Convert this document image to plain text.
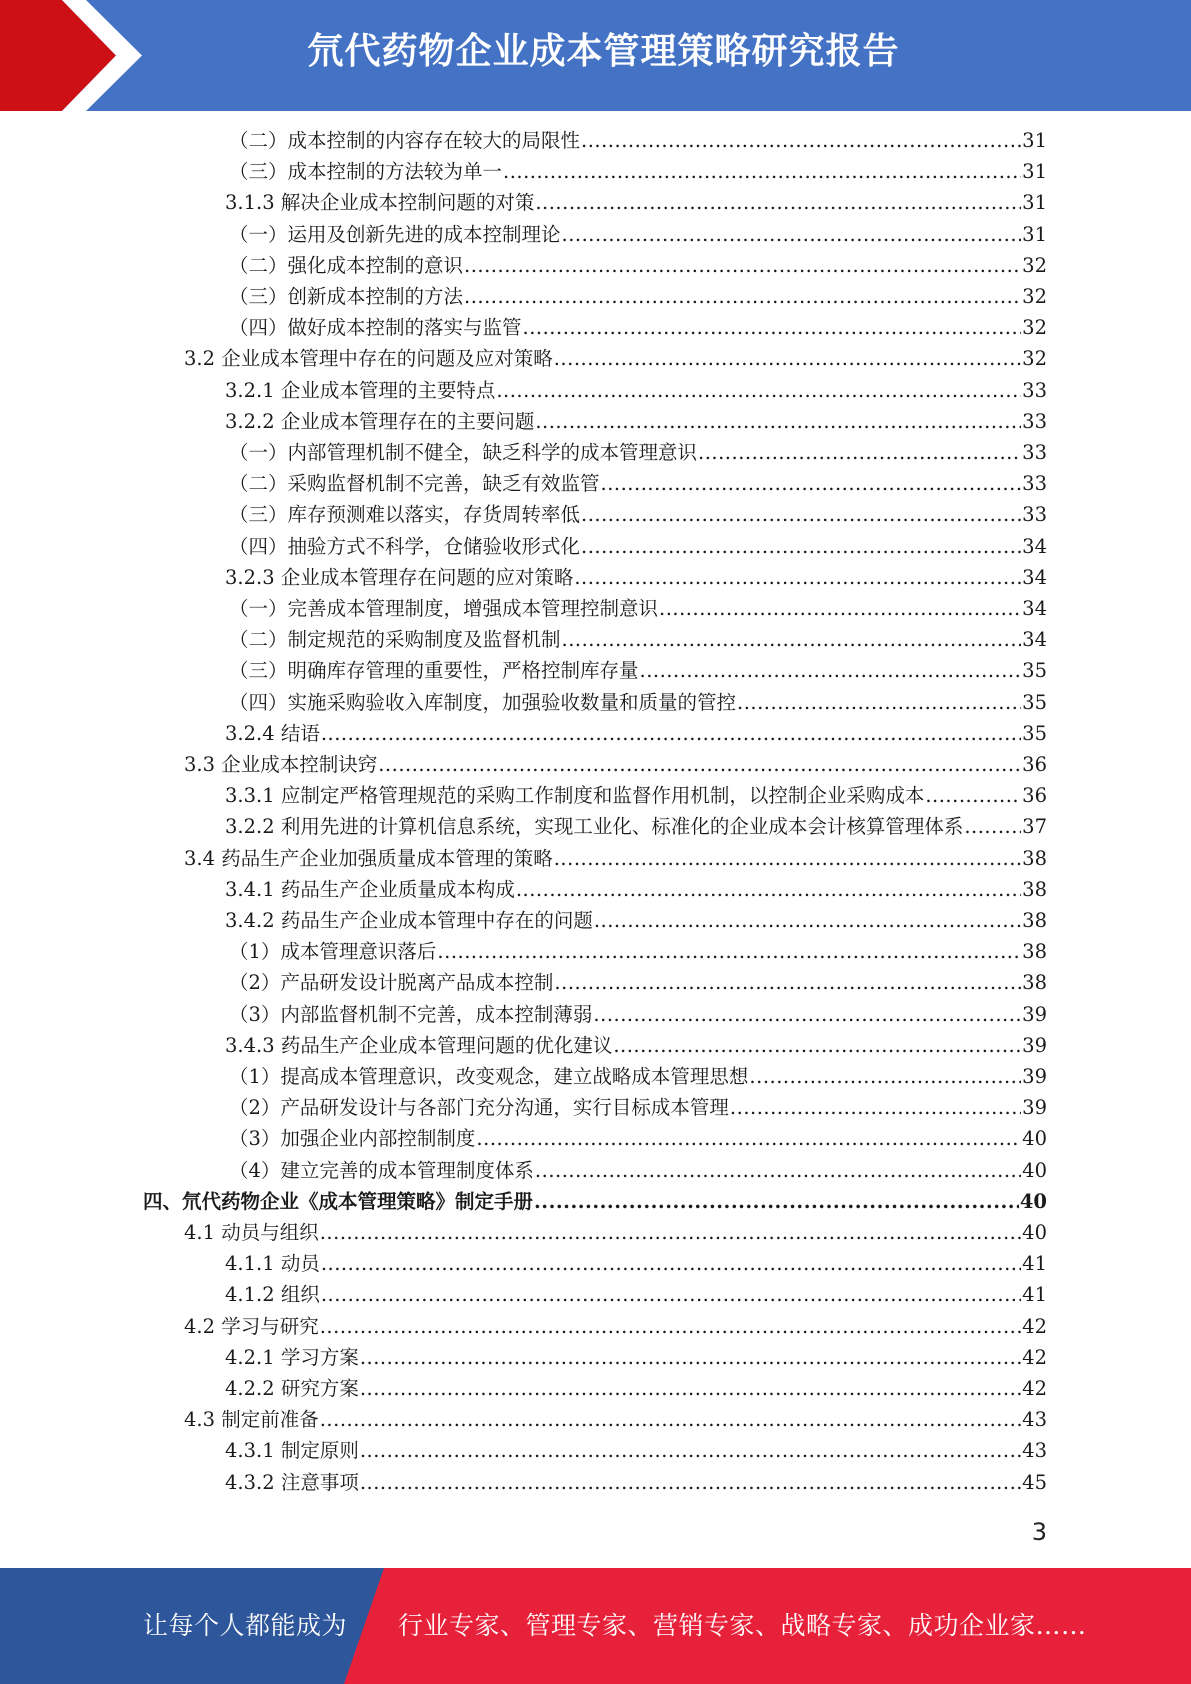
氘代药物企业成本管理策略研究报告
（二）成本控制的内容存在较大的局限性 .....	31
（三）成本控制的方法较为单一 .....	31
3.1.3 解决企业成本控制问题的对策 .....	31
（一）运用及创新先进的成本控制理论 .....	31
（二）强化成本控制的意识 .....	32
（三）创新成本控制的方法 .....	32
（四）做好成本控制的落实与监管 .....	32
3.2 企业成本管理中存在的问题及应对策略 .....	32
3.2.1 企业成本管理的主要特点 .....	33
3.2.2 企业成本管理存在的主要问题 .....	33
（一）内部管理机制不健全，缺乏科学的成本管理意识 .....	33
（二）采购监督机制不完善，缺乏有效监管 .....	33
（三）库存预测难以落实，存货周转率低 .....	33
（四）抽验方式不科学，仓储验收形式化 .....	34
3.2.3 企业成本管理存在问题的应对策略 .....	34
（一）完善成本管理制度，增强成本管理控制意识 .....	34
（二）制定规范的采购制度及监督机制 .....	34
（三）明确库存管理的重要性，严格控制库存量 .....	35
（四）实施采购验收入库制度，加强验收数量和质量的管控 .....	35
3.2.4 结语 .....	35
3.3 企业成本控制诀窍 .....	36
3.3.1 应制定严格管理规范的采购工作制度和监督作用机制，以控制企业采购成本 .....	36
3.2.2 利用先进的计算机信息系统，实现工业化、标准化的企业成本会计核算管理体系 .....	37
3.4 药品生产企业加强质量成本管理的策略 .....	38
3.4.1 药品生产企业质量成本构成 .....	38
3.4.2 药品生产企业成本管理中存在的问题 .....	38
（1）成本管理意识落后 .....	38
（2）产品研发设计脱离产品成本控制 .....	38
（3）内部监督机制不完善，成本控制薄弱 .....	39
3.4.3 药品生产企业成本管理问题的优化建议 .....	39
（1）提高成本管理意识，改变观念，建立战略成本管理思想 .....	39
（2）产品研发设计与各部门充分沟通，实行目标成本管理 .....	39
（3）加强企业内部控制制度 .....	40
（4）建立完善的成本管理制度体系 .....	40
四、氘代药物企业《成本管理策略》制定手册 .....	40
4.1 动员与组织 .....	40
4.1.1 动员 .....	41
4.1.2 组织 .....	41
4.2 学习与研究 .....	42
4.2.1 学习方案 .....	42
4.2.2 研究方案 .....	42
4.3 制定前准备 .....	43
4.3.1 制定原则 .....	43
4.3.2 注意事项 .....	45
3
让每个人都能成为 行业专家、管理专家、营销专家、战略专家、成功企业家……
